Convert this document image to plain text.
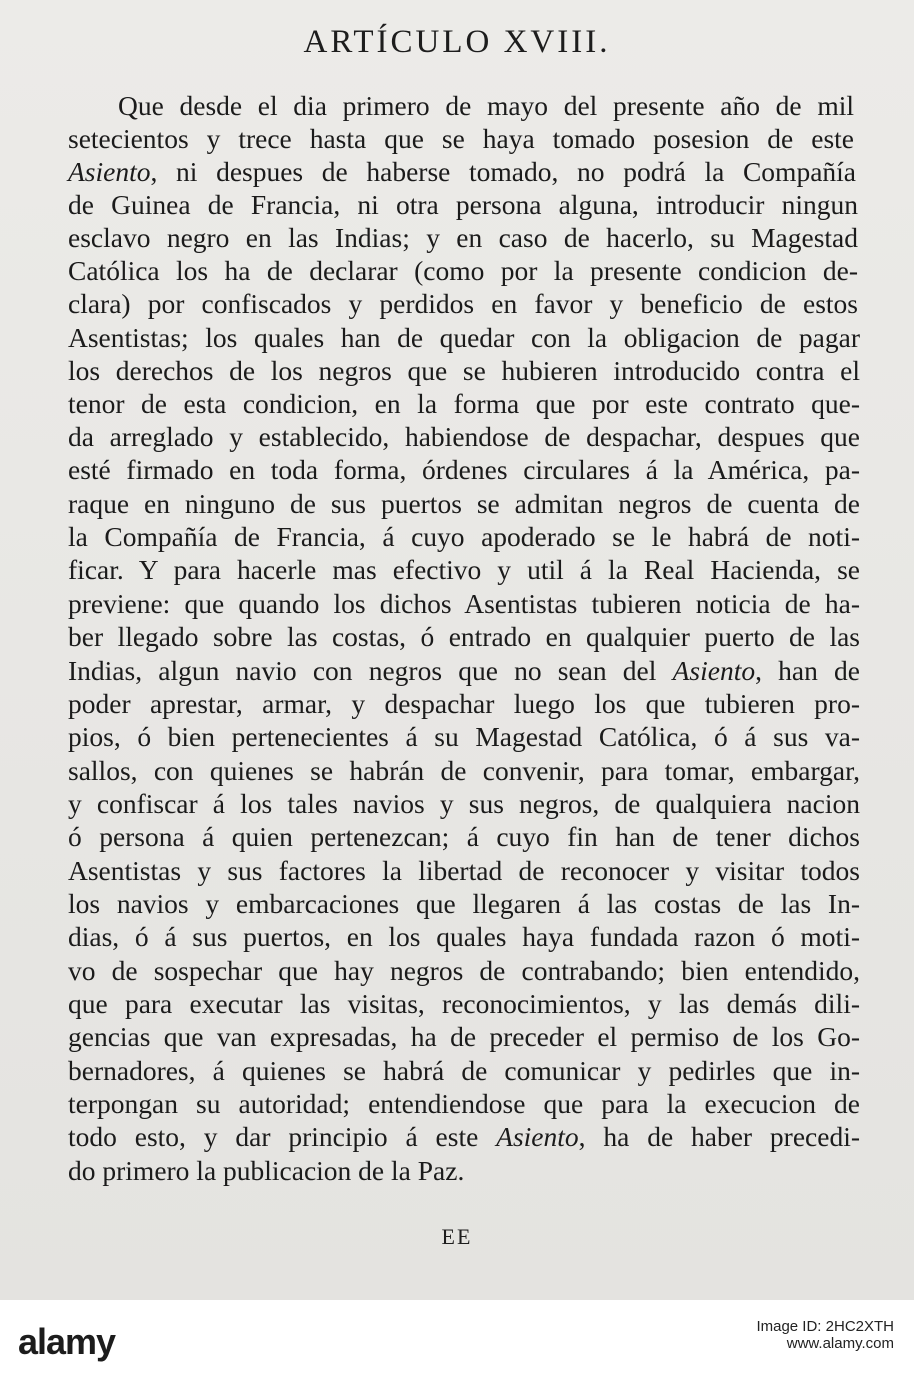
ARTÍCULO XVIII.
Que desde el dia primero de mayo del presente año de mil
setecientos y trece hasta que se haya tomado posesion de este
Asiento, ni despues de haberse tomado, no podrá la Compañía
de Guinea de Francia, ni otra persona alguna, introducir ningun
esclavo negro en las Indias; y en caso de hacerlo, su Magestad
Católica los ha de declarar (como por la presente condicion de-
clara) por confiscados y perdidos en favor y beneficio de estos
Asentistas; los quales han de quedar con la obligacion de pagar
los derechos de los negros que se hubieren introducido contra el
tenor de esta condicion, en la forma que por este contrato que-
da arreglado y establecido, habiendose de despachar, despues que
esté firmado en toda forma, órdenes circulares á la América, pa-
raque en ninguno de sus puertos se admitan negros de cuenta de
la Compañía de Francia, á cuyo apoderado se le habrá de noti-
ficar. Y para hacerle mas efectivo y util á la Real Hacienda, se
previene: que quando los dichos Asentistas tubieren noticia de ha-
ber llegado sobre las costas, ó entrado en qualquier puerto de las
Indias, algun navio con negros que no sean del Asiento, han de
poder aprestar, armar, y despachar luego los que tubieren pro-
pios, ó bien pertenecientes á su Magestad Católica, ó á sus va-
sallos, con quienes se habrán de convenir, para tomar, embargar,
y confiscar á los tales navios y sus negros, de qualquiera nacion
ó persona á quien pertenezcan; á cuyo fin han de tener dichos
Asentistas y sus factores la libertad de reconocer y visitar todos
los navios y embarcaciones que llegaren á las costas de las In-
dias, ó á sus puertos, en los quales haya fundada razon ó moti-
vo de sospechar que hay negros de contrabando; bien entendido,
que para executar las visitas, reconocimientos, y las demás dili-
gencias que van expresadas, ha de preceder el permiso de los Go-
bernadores, á quienes se habrá de comunicar y pedirles que in-
terpongan su autoridad; entendiendose que para la execucion de
todo esto, y dar principio á este Asiento, ha de haber precedi-
do primero la publicacion de la Paz.
EE
alamy	Image ID: 2HC2XTH
www.alamy.com
